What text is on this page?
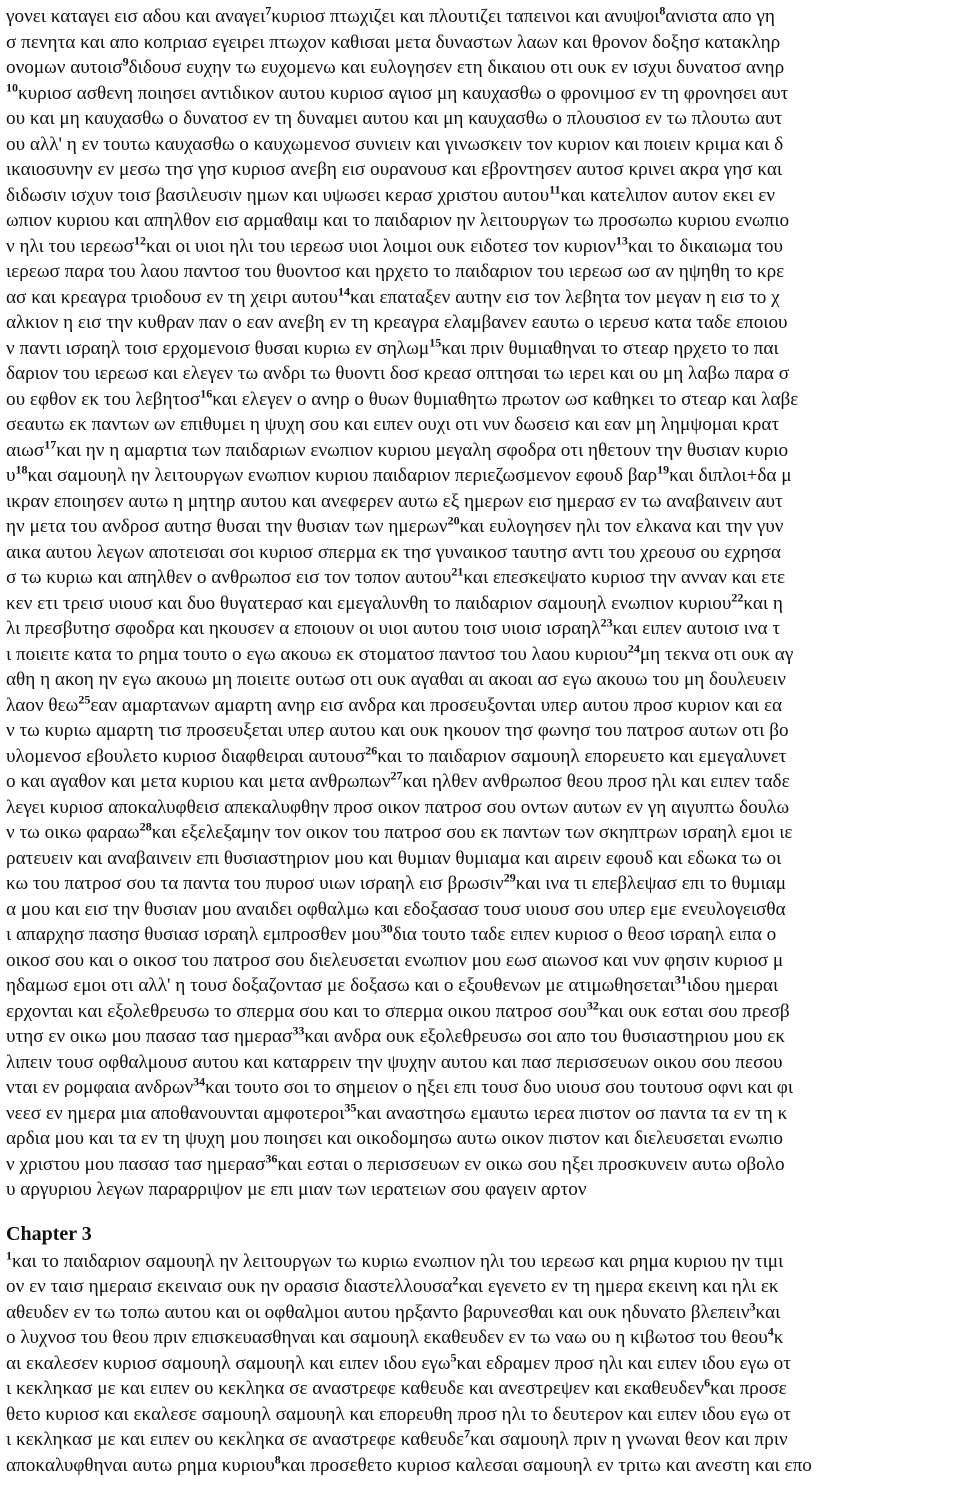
γονει καταγει εισ αδου και αναγει$^7$κυριοσ πτωχιζει και πλουτιζει ταπεινοι και ανυψοι$^8$ανιστα απο γη
σ πενητα και απο κοπριασ εγειρει πτωχον καθισαι μετα δυναστων λαων και θρονον δοξησ κατακληρ
ονομων αυτοισ$^9$διδουσ ευχην τω ευχομενω και ευλογησεν ετη δικαιου οτι ουκ εν ισχυι δυνατοσ ανηρ
$^{10}$κυριοσ ασθενη ποιησει αντιδικον αυτου κυριοσ αγιοσ μη καυχασθω ο φρονιμοσ εν τη φρονησει αυτ
ου και μη καυχασθω ο δυνατοσ εν τη δυναμει αυτου και μη καυχασθω ο πλουσιοσ εν τω πλουτω αυτ
ου αλλ' η εν τουτω καυχασθω ο καυχωμενοσ συνιειν και γινωσκειν τον κυριον και ποιειν κριμα και δ
ικαιοσυνην εν μεσω τησ γησ κυριοσ ανεβη εισ ουρανουσ και εβροντησεν αυτοσ κρινει ακρα γησ και
διδωσιν ισχυν τοισ βασιλευσιν ημων και υψωσει κερασ χριστου αυτου$^{11}$και κατελιπον αυτον εκει εν
ωπιον κυριου και απηλθον εισ αρμαθαιμ και το παιδαριον ην λειτουργων τω προσωπω κυριου ενωπιο
ν ηλι του ιερεωσ$^{12}$και οι υιοι ηλι του ιερεωσ υιοι λοιμοι ουκ ειδοτεσ τον κυριον$^{13}$και το δικαιωμα του
ιερεωσ παρα του λαου παντοσ του θυοντοσ και ηρχετο το παιδαριον του ιερεωσ ωσ αν ηψηθη το κρε
ασ και κρεαγρα τριοδουσ εν τη χειρι αυτου$^{14}$και επαταξεν αυτην εισ τον λεβητα τον μεγαν η εισ το χ
αλκιον η εισ την κυθραν παν ο εαν ανεβη εν τη κρεαγρα ελαμβανεν εαυτω ο ιερευσ κατα ταδε εποιου
ν παντι ισραηλ τοισ ερχομενοισ θυσαι κυριω εν σηλωμ$^{15}$και πριν θυμιαθηναι το στεαρ ηρχετο το παι
δαριον του ιερεωσ και ελεγεν τω ανδρι τω θυοντι δοσ κρεασ οπτησαι τω ιερει και ου μη λαβω παρα σ
ου εφθον εκ του λεβητοσ$^{16}$και ελεγεν ο ανηρ ο θυων θυμιαθητω πρωτον ωσ καθηκει το στεαρ και λαβε
σεαυτω εκ παντων ων επιθυμει η ψυχη σου και ειπεν ουχι οτι νυν δωσεισ και εαν μη λημψομαι κρατ
αιωσ$^{17}$και ην η αμαρτια των παιδαριων ενωπιον κυριου μεγαλη σφοδρα οτι ηθετουν την θυσιαν κυριο
$\upsilon^{18}\kappa\alpha\iota$ σαμουηλ ην λειτουργων ενωπιον κυριου παιδαριον περιεζωσμενον εφουδ βαρ$^{19}$και διπλοι+δα μ
ικραν εποιησεν αυτω η μητηρ αυτου και ανεφερεν αυτω εξ ημερων εισ ημερασ εν τω αναβαινειν αυτ
ην μετα του ανδροσ αυτησ θυσαι την θυσιαν των ημερων$^{20}$και ευλογησεν ηλι τον ελκανα και την γυν
αικα αυτου λεγων αποτεισαι σοι κυριοσ σπερμα εκ τησ γυναικοσ ταυτησ αντι του χρεουσ ου εχρησα
σ τω κυριω και απηλθεν ο ανθρωποσ εισ τον τοπον αυτου$^{21}$και επεσκεψατο κυριοσ την ανναν και ετε
κεν ετι τρεισ υιουσ και δυο θυγατερασ και εμεγαλυνθη το παιδαριον σαμουηλ ενωπιον κυριου$^{22}$και η
λι πρεσβυτησ σφοδρα και ηκουσεν α εποιουν οι υιοι αυτου τοισ υιοισ ισραηλ$^{23}$και ειπεν αυτοισ ινα τ
ι ποιειτε κατα το ρημα τουτο ο εγω ακουω εκ στοματοσ παντοσ του λαου κυριου$^{24}$μη τεκνα οτι ουκ αγ
αθη η ακοη ην εγω ακουω μη ποιειτε ουτωσ οτι ουκ αγαθαι αι ακοαι ασ εγω ακουω του μη δουλευειν
λαον θεω$^{25}$εαν αμαρτανων αμαρτη ανηρ εισ ανδρα και προσευξονται υπερ αυτου προσ κυριον και εα
ν τω κυριω αμαρτη τισ προσευξεται υπερ αυτου και ουκ ηκουον τησ φωνησ του πατροσ αυτων οτι βο
υλομενοσ εβουλετο κυριοσ διαφθειραι αυτουσ$^{26}$και το παιδαριον σαμουηλ επορευετο και εμεγαλυνετ
ο και αγαθον και μετα κυριου και μετα ανθρωπων$^{27}$και ηλθεν ανθρωποσ θεου προσ ηλι και ειπεν ταδε
λεγει κυριοσ αποκαλυφθεισ απεκαλυφθην προσ οικον πατροσ σου οντων αυτων εν γη αιγυπτω δουλω
ν τω οικω φαραω$^{28}$και εξελεξαμην τον οικον του πατροσ σου εκ παντων των σκηπτρων ισραηλ εμοι ιε
ρατευειν και αναβαινειν επι θυσιαστηριον μου και θυμιαν θυμιαμα και αιρειν εφουδ και εδωκα τω οι
κω του πατροσ σου τα παντα του πυροσ υιων ισραηλ εισ βρωσιν$^{29}$και ινα τι επεβλεψασ επι το θυμιαμ
α μου και εισ την θυσιαν μου αναιδει οφθαλμω και εδοξασασ τουσ υιουσ σου υπερ εμε ενευλογεισθα
ι απαρχησ πασησ θυσιασ ισραηλ εμπροσθεν μου$^{30}$δια τουτο ταδε ειπεν κυριοσ ο θεοσ ισραηλ ειπα ο
οικοσ σου και ο οικοσ του πατροσ σου διελευσεται ενωπιον μου εωσ αιωνοσ και νυν φησιν κυριοσ μ
ηδαμωσ εμοι οτι αλλ' η τουσ δοξαζοντασ με δοξασω και ο εξουθενων με ατιμωθησεται$^{31}$ιδου ημεραι
ερχονται και εξολεθρευσω το σπερμα σου και το σπερμα οικου πατροσ σου$^{32}$και ουκ εσται σου πρεσβ
υτησ εν οικω μου πασασ τασ ημερασ$^{33}$και ανδρα ουκ εξολεθρευσω σοι απο του θυσιαστηριου μου εκ
λιπειν τουσ οφθαλμουσ αυτου και καταρρειν την ψυχην αυτου και πασ περισσευων οικου σου πεσου
νται εν ρομφαια ανδρων$^{34}$και τουτο σοι το σημειον ο ηξει επι τουσ δυο υιουσ σου τουτουσ οφνι και φι
νεεσ εν ημερα μια αποθανουνται αμφοτεροι$^{35}$και αναστησω εμαυτω ιερεα πιστον οσ παντα τα εν τη κ
αρδια μου και τα εν τη ψυχη μου ποιησει και οικοδομησω αυτω οικον πιστον και διελευσεται ενωπιο
ν χριστου μου πασασ τασ ημερασ$^{36}$και εσται ο περισσευων εν οικω σου ηξει προσκυνειν αυτω οβολο
υ αργυριου λεγων παραρριψον με επι μιαν των ιερατειων σου φαγειν αρτον
Chapter 3
$^1$και το παιδαριον σαμουηλ ην λειτουργων τω κυριω ενωπιον ηλι του ιερεωσ και ρημα κυριου ην τιμι
ον εν ταισ ημεραισ εκειναισ ουκ ην ορασισ διαστελλουσα$^2$και εγενετο εν τη ημερα εκεινη και ηλι εκ
αθευδεν εν τω τοπω αυτου και οι οφθαλμοι αυτου ηρξαντο βαρυνεσθαι και ουκ ηδυνατο βλεπειν$^3$και
ο λυχνοσ του θεου πριν επισκευασθηναι και σαμουηλ εκαθευδεν εν τω ναω ου η κιβωτοσ του θεου$^4$κ
αι εκαλεσεν κυριοσ σαμουηλ σαμουηλ και ειπεν ιδου εγω$^5$και εδραμεν προσ ηλι και ειπεν ιδου εγω οτ
ι κεκληκασ με και ειπεν ου κεκληκα σε αναστρεφε καθευδε και ανεστρεψεν και εκαθευδεν$^6$και προσε
θετο κυριοσ και εκαλεσε σαμουηλ σαμουηλ και επορευθη προσ ηλι το δευτερον και ειπεν ιδου εγω οτ
ι κεκληκασ με και ειπεν ου κεκληκα σε αναστρεφε καθευδε$^7$και σαμουηλ πριν η γνωναι θεον και πριν
αποκαλυφθηναι αυτω ρημα κυριου$^8$και προσεθετο κυριοσ καλεσαι σαμουηλ εν τριτω και ανεστη και επο
